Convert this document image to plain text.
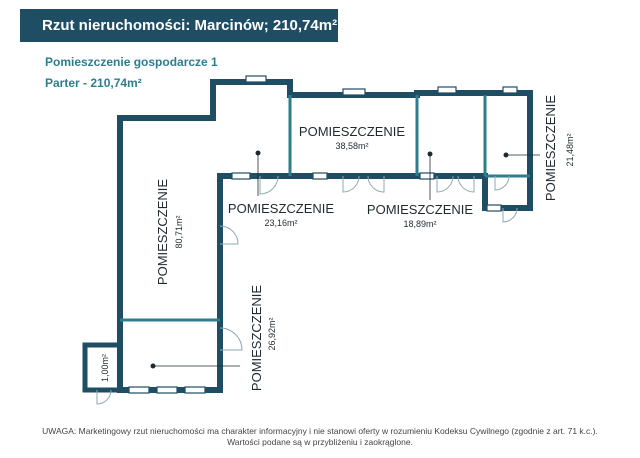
Rzut nieruchomości: Marcinów; 210,74m²
Pomieszczenie gospodarcze 1
Parter - 210,74m²
POMIESZCZENIE
38,58m²
POMIESZCZENIE
23,16m²
POMIESZCZENIE
18,89m²
POMIESZCZENIE 21,48m²
POMIESZCZENIE 80,71m²
POMIESZCZENIE 26,92m²
1,00m²
UWAGA: Marketingowy rzut nieruchomości ma charakter informacyjny i nie stanowi oferty w rozumieniu Kodeksu Cywilnego (zgodnie z art. 71 k.c.).
Wartości podane są w przybliżeniu i zaokrąglone.
